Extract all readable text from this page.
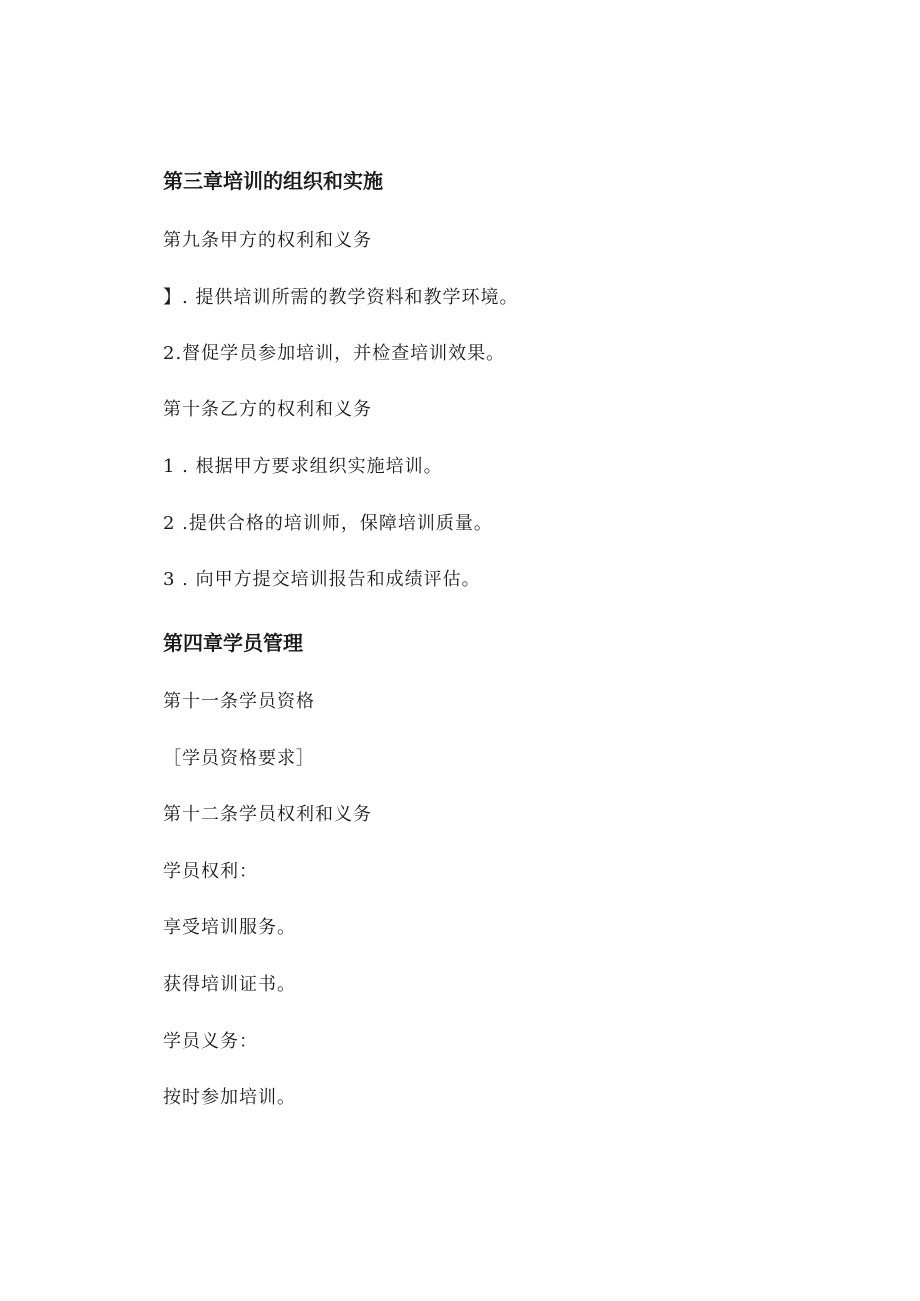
第三章培训的组织和实施
第九条甲方的权利和义务
】. 提供培训所需的教学资料和教学环境。
2.督促学员参加培训，并检查培训效果。
第十条乙方的权利和义务
1 . 根据甲方要求组织实施培训。
2 .提供合格的培训师，保障培训质量。
3 . 向甲方提交培训报告和成绩评估。
第四章学员管理
第十一条学员资格
［学员资格要求］
第十二条学员权利和义务
学员权利：
享受培训服务。
获得培训证书。
学员义务：
按时参加培训。
